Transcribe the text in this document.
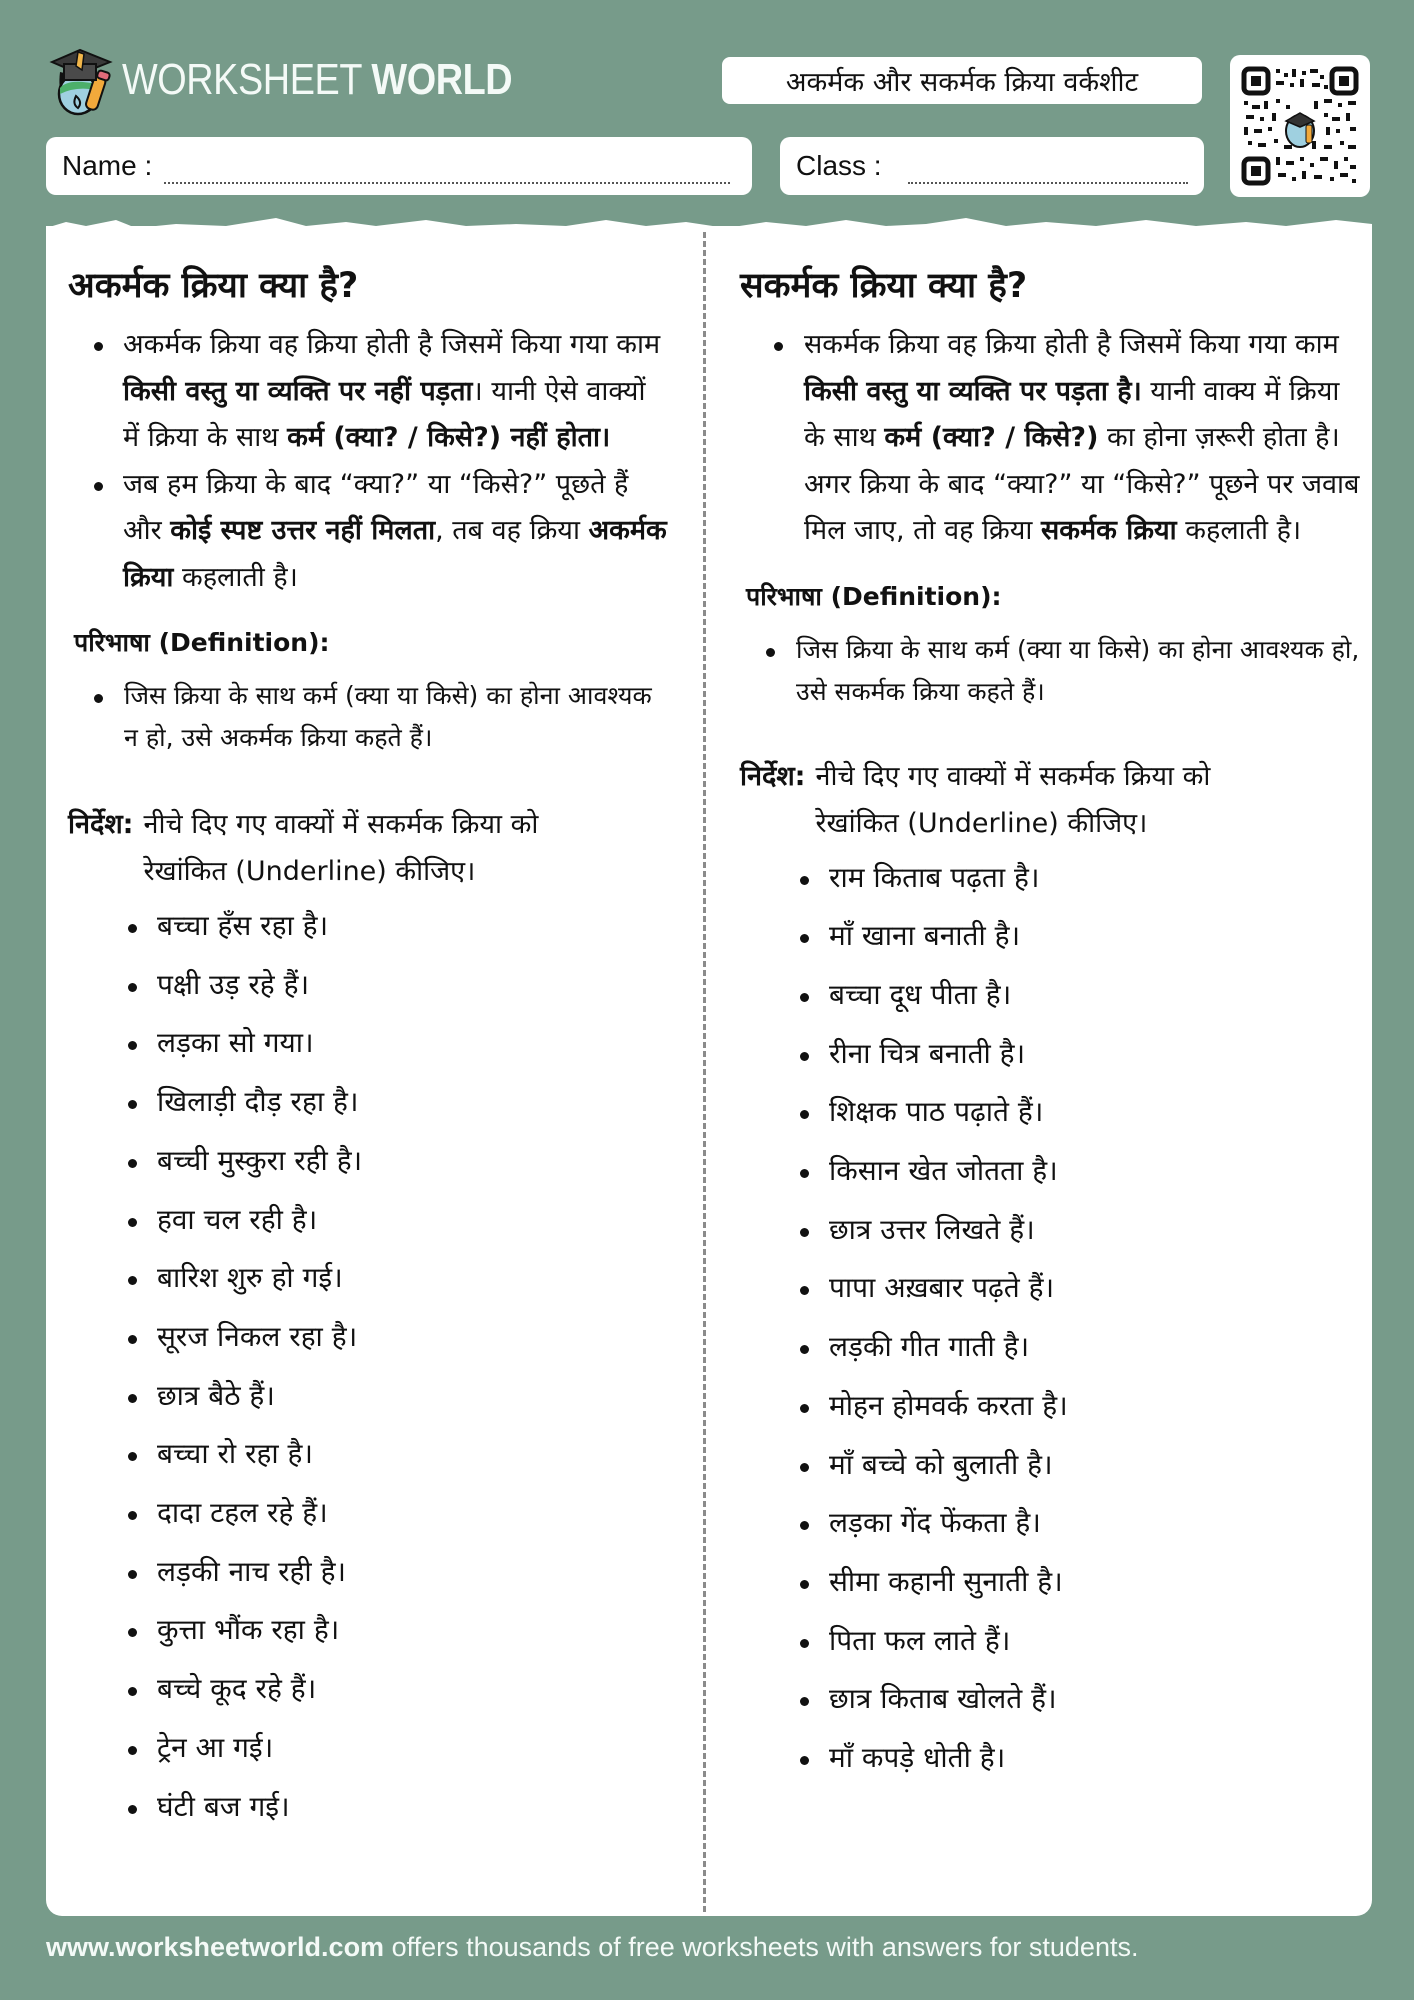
WORKSHEET WORLD	अकर्मक और सकर्मक क्रिया वर्कशीट
Name :	Class :
अकर्मक क्रिया क्या है?
अकर्मक क्रिया वह क्रिया होती है जिसमें किया गया काम किसी वस्तु या व्यक्ति पर नहीं पड़ता। यानी ऐसे वाक्यों में क्रिया के साथ कर्म (क्या? / किसे?) नहीं होता।
जब हम क्रिया के बाद “क्या?” या “किसे?” पूछते हैं और कोई स्पष्ट उत्तर नहीं मिलता, तब वह क्रिया अकर्मक क्रिया कहलाती है।
परिभाषा (Definition):
जिस क्रिया के साथ कर्म (क्या या किसे) का होना आवश्यक न हो, उसे अकर्मक क्रिया कहते हैं।
निर्देश: नीचे दिए गए वाक्यों में सकर्मक क्रिया को रेखांकित (Underline) कीजिए।
बच्चा हँस रहा है।
पक्षी उड़ रहे हैं।
लड़का सो गया।
खिलाड़ी दौड़ रहा है।
बच्ची मुस्कुरा रही है।
हवा चल रही है।
बारिश शुरु हो गई।
सूरज निकल रहा है।
छात्र बैठे हैं।
बच्चा रो रहा है।
दादा टहल रहे हैं।
लड़की नाच रही है।
कुत्ता भौंक रहा है।
बच्चे कूद रहे हैं।
ट्रेन आ गई।
घंटी बज गई।
सकर्मक क्रिया क्या है?
सकर्मक क्रिया वह क्रिया होती है जिसमें किया गया काम किसी वस्तु या व्यक्ति पर पड़ता है। यानी वाक्य में क्रिया के साथ कर्म (क्या? / किसे?) का होना ज़रूरी होता है। अगर क्रिया के बाद “क्या?” या “किसे?” पूछने पर जवाब मिल जाए, तो वह क्रिया सकर्मक क्रिया कहलाती है।
परिभाषा (Definition):
जिस क्रिया के साथ कर्म (क्या या किसे) का होना आवश्यक हो, उसे सकर्मक क्रिया कहते हैं।
निर्देश: नीचे दिए गए वाक्यों में सकर्मक क्रिया को रेखांकित (Underline) कीजिए।
राम किताब पढ़ता है।
माँ खाना बनाती है।
बच्चा दूध पीता है।
रीना चित्र बनाती है।
शिक्षक पाठ पढ़ाते हैं।
किसान खेत जोतता है।
छात्र उत्तर लिखते हैं।
पापा अख़बार पढ़ते हैं।
लड़की गीत गाती है।
मोहन होमवर्क करता है।
माँ बच्चे को बुलाती है।
लड़का गेंद फेंकता है।
सीमा कहानी सुनाती है।
पिता फल लाते हैं।
छात्र किताब खोलते हैं।
माँ कपड़े धोती है।
www.worksheetworld.com offers thousands of free worksheets with answers for students.
